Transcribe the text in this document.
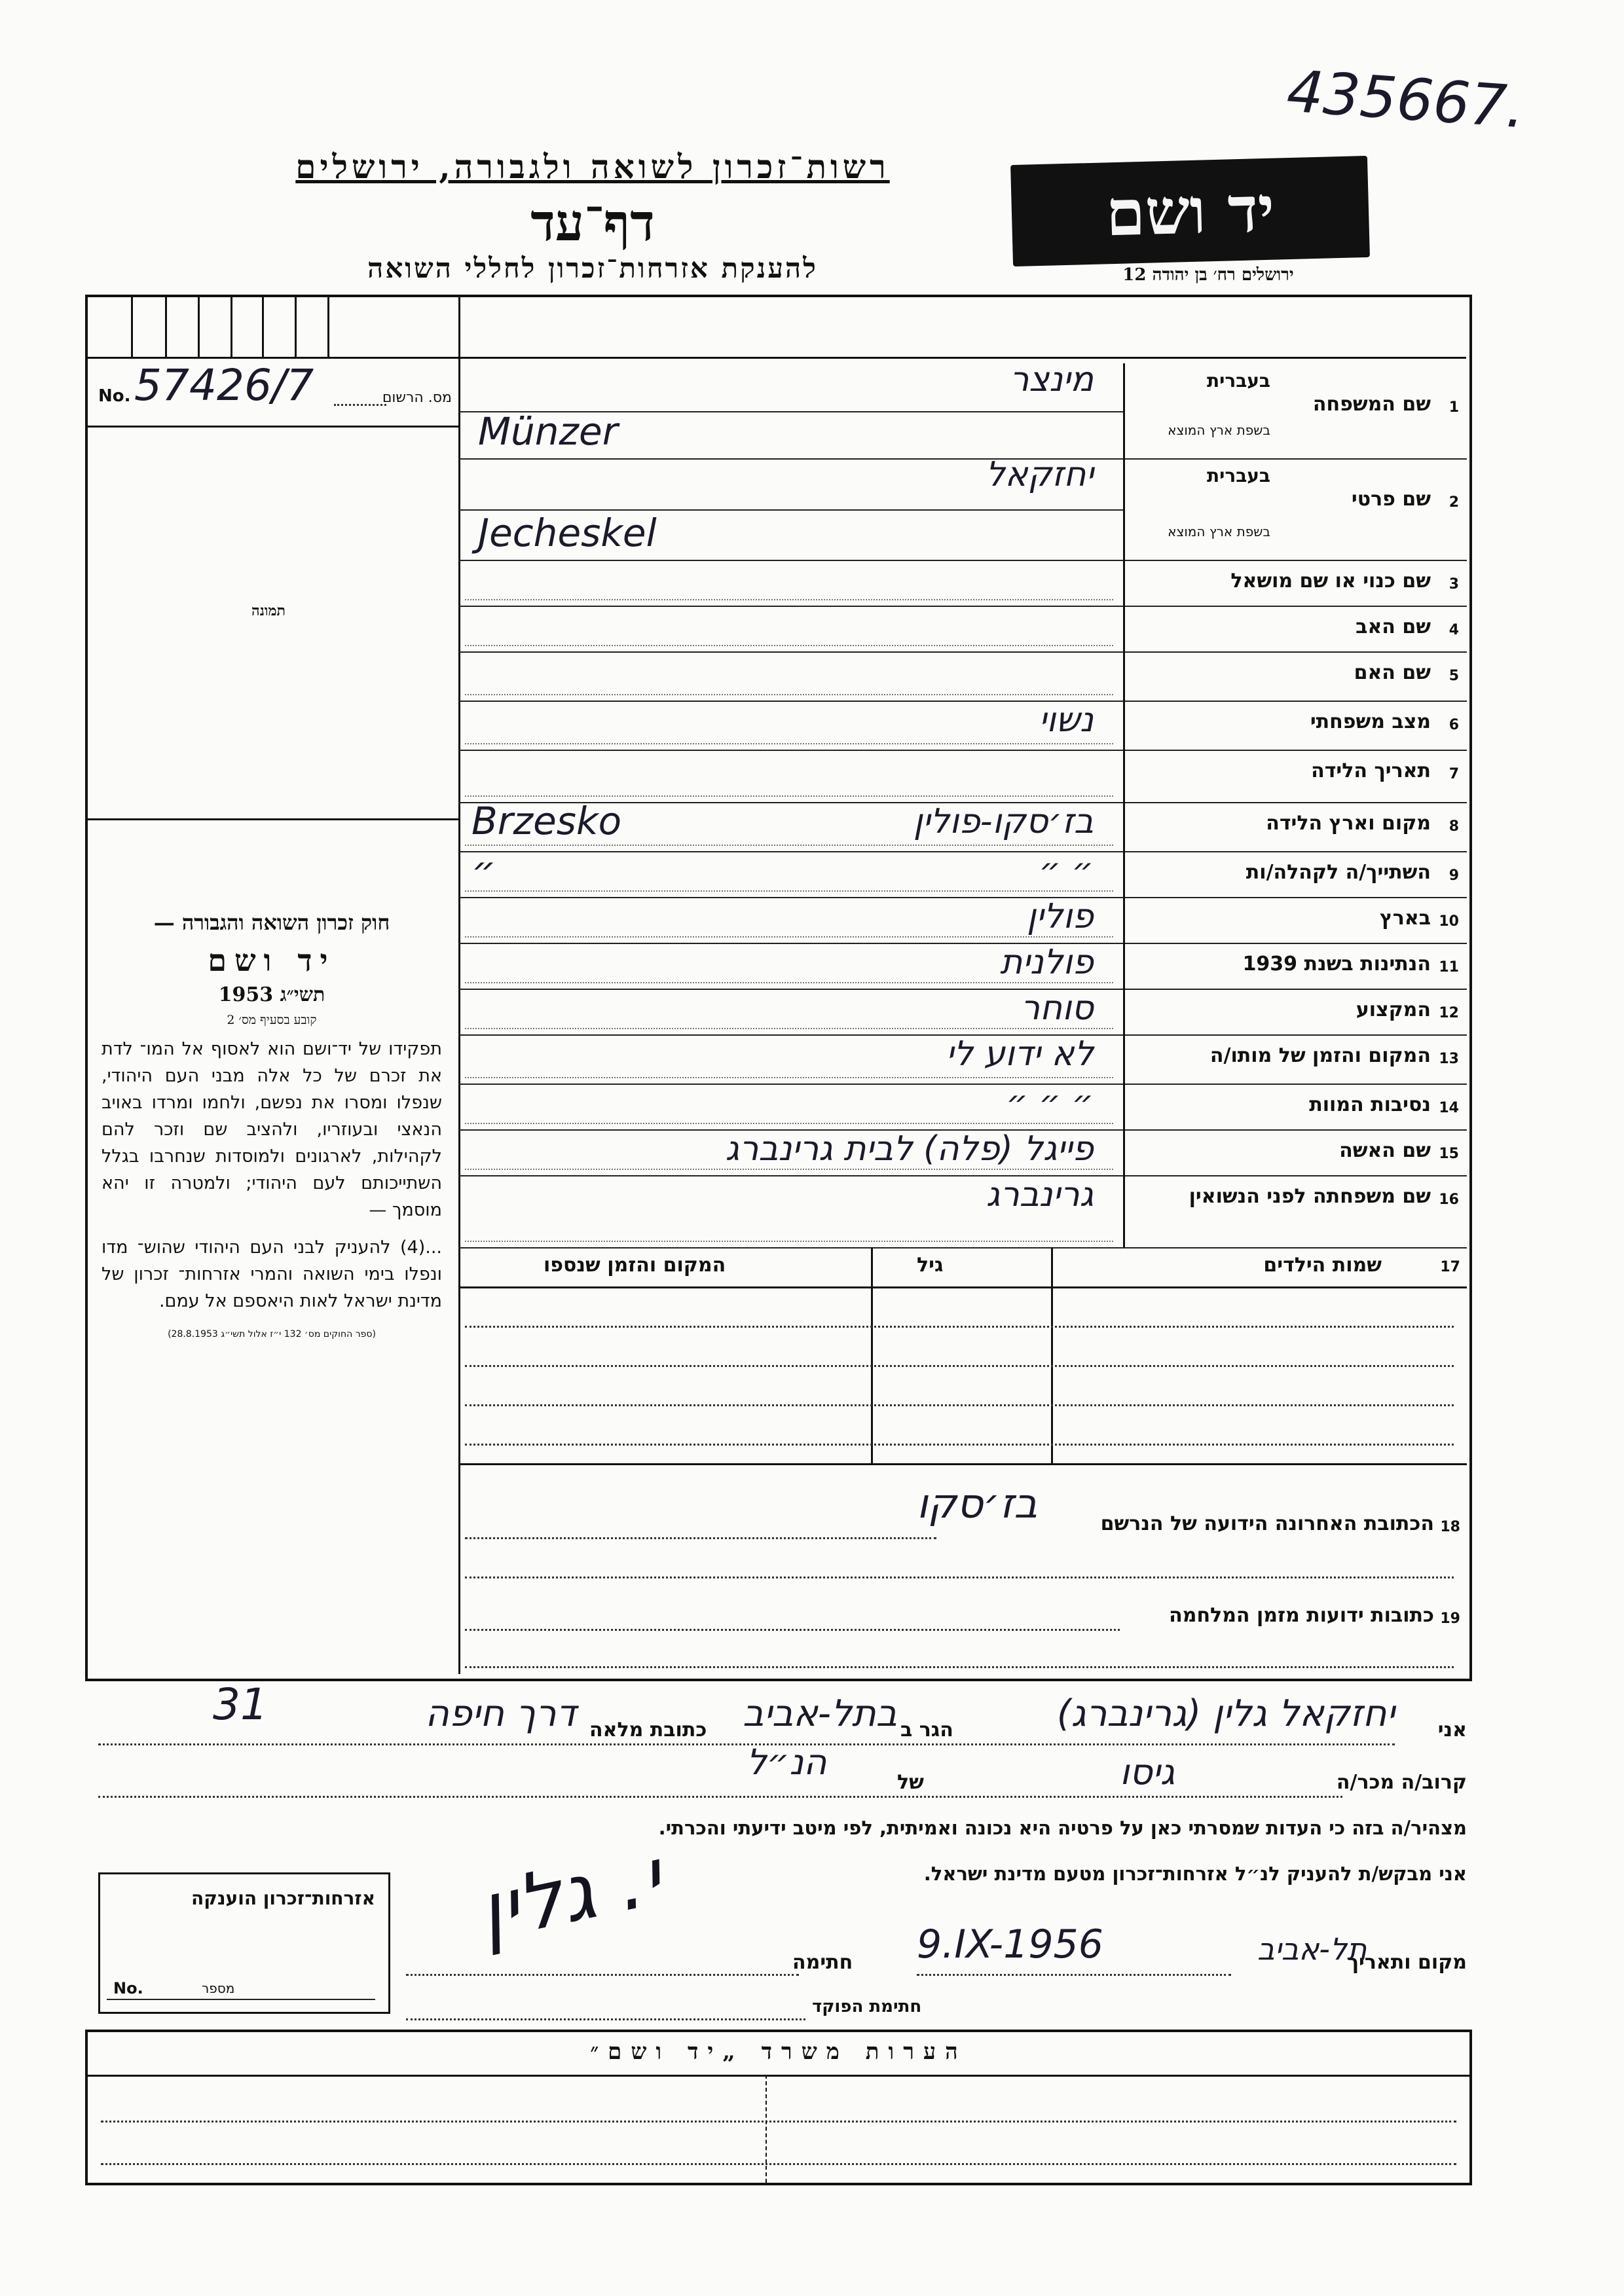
435667.
רשות־זכרון לשואה ולגבורה, ירושלים
דף־עד
להענקת אזרחות־זכרון לחללי השואה
יד ושם
ירושלים רח׳ בן יהודה 12
No. 57426/7	מס. הרשום
תמונה
חוק זכרון השואה והגבורה —
יד ושם
תשי״ג 1953
קובע בסעיף מס׳ 2
תפקידו של יד־ושם הוא לאסוף אל המו־ לדת את זכרם של כל אלה מבני העם היהודי, שנפלו ומסרו את נפשם, ולחמו ומרדו באויב הנאצי ובעוזריו, ולהציב שם וזכר להם לקהילות, לארגונים ולמוסדות שנחרבו בגלל השתייכותם לעם היהודי; ולמטרה זו יהא מוסמך —
...(4) להעניק לבני העם היהודי שהוש־ מדו ונפלו בימי השואה והמרי אזרחות־ זכרון של מדינת ישראל לאות היאספם אל עמם.
(ספר החוקים מס׳ 132 י״ז אלול תשי״ג 28.8.1953)
1
שם המשפחה
בעברית
בשפת ארץ המוצא
מינצר
Münzer
2
שם פרטי
בעברית
בשפת ארץ המוצא
יחזקאל
Jecheskel
3
שם כנוי או שם מושאל
4
שם האב
5
שם האם
6
מצב משפחתי
נשוי
7
תאריך הלידה
8
מקום וארץ הלידה
בז׳סקו-פולין
Brzesko
9
השתייך/ה לקהלה/ות
״ ״
״
10
בארץ
פולין
11
הנתינות בשנת 1939
פולנית
12
המקצוע
סוחר
13
המקום והזמן של מותו/ה
לא ידוע לי
14
נסיבות המוות
״ ״ ״
15
שם האשה
פייגל (פלה) לבית גרינברג
16
שם משפחתה לפני הנשואין
גרינברג
17
שמות הילדים
גיל
המקום והזמן שנספו
18
הכתובת האחרונה הידועה של הנרשם
בז׳סקו
19
כתובות ידועות מזמן המלחמה
אני
יחזקאל גלין (גרינברג)
הגר ב
בתל-אביב
כתובת מלאה
דרך חיפה
31
קרוב/ה מכר/ה
גיסו
של
הנ״ל
מצהיר/ה בזה כי העדות שמסרתי כאן על פרטיה היא נכונה ואמיתית, לפי מיטב ידיעתי והכרתי.
אני מבקש/ת להעניק לנ״ל אזרחות־זכרון מטעם מדינת ישראל.
מקום ותאריך
תל-אביב
9.IX-1956
חתימה
חתימת הפוקד
י. גלין
אזרחות־זכרון הוענקה
No.	מספר
הערות משרד „יד ושם״
